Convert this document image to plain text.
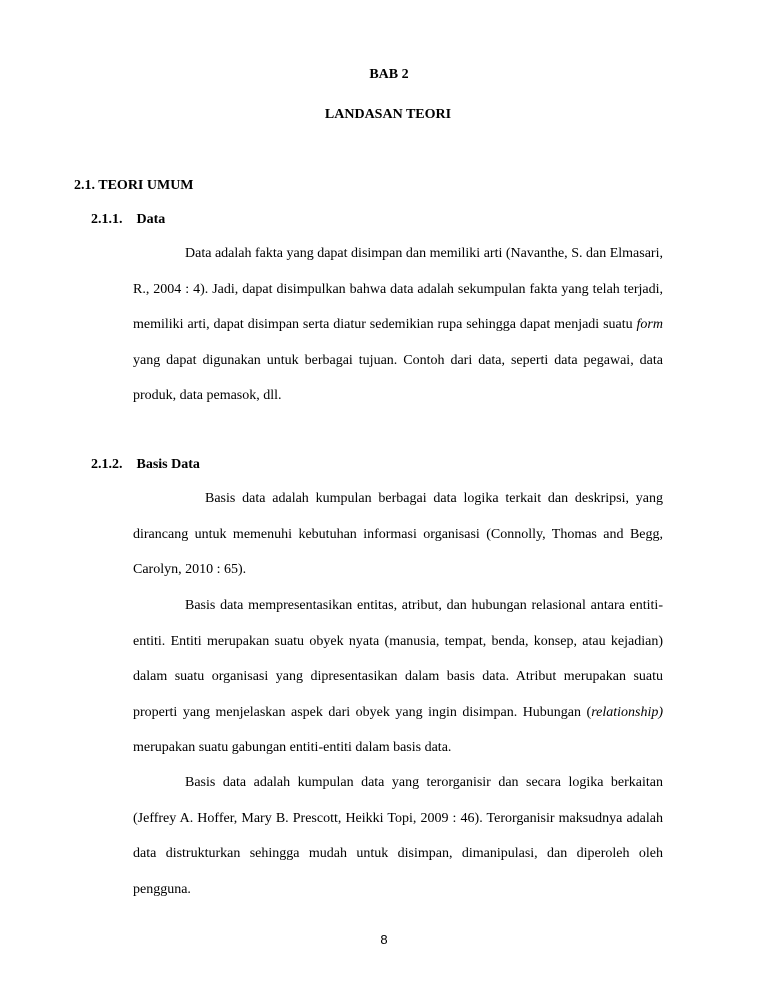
BAB 2
LANDASAN TEORI
2.1. TEORI UMUM
2.1.1. Data

Data adalah fakta yang dapat disimpan dan memiliki arti (Navanthe, S. dan Elmasari, R., 2004 : 4). Jadi, dapat disimpulkan bahwa data adalah sekumpulan fakta yang telah terjadi, memiliki arti, dapat disimpan serta diatur sedemikian rupa sehingga dapat menjadi suatu form yang dapat digunakan untuk berbagai tujuan. Contoh dari data, seperti data pegawai, data produk, data pemasok, dll.

2.1.2. Basis Data

Basis data adalah kumpulan berbagai data logika terkait dan deskripsi, yang dirancang untuk memenuhi kebutuhan informasi organisasi (Connolly, Thomas and Begg, Carolyn, 2010 : 65).

Basis data mempresentasikan entitas, atribut, dan hubungan relasional antara entiti-entiti. Entiti merupakan suatu obyek nyata (manusia, tempat, benda, konsep, atau kejadian) dalam suatu organisasi yang dipresentasikan dalam basis data. Atribut merupakan suatu properti yang menjelaskan aspek dari obyek yang ingin disimpan. Hubungan (relationship) merupakan suatu gabungan entiti-entiti dalam basis data.

Basis data adalah kumpulan data yang terorganisir dan secara logika berkaitan (Jeffrey A. Hoffer, Mary B. Prescott, Heikki Topi, 2009 : 46). Terorganisir maksudnya adalah data distrukturkan sehingga mudah untuk disimpan, dimanipulasi, dan diperoleh oleh pengguna.

8
